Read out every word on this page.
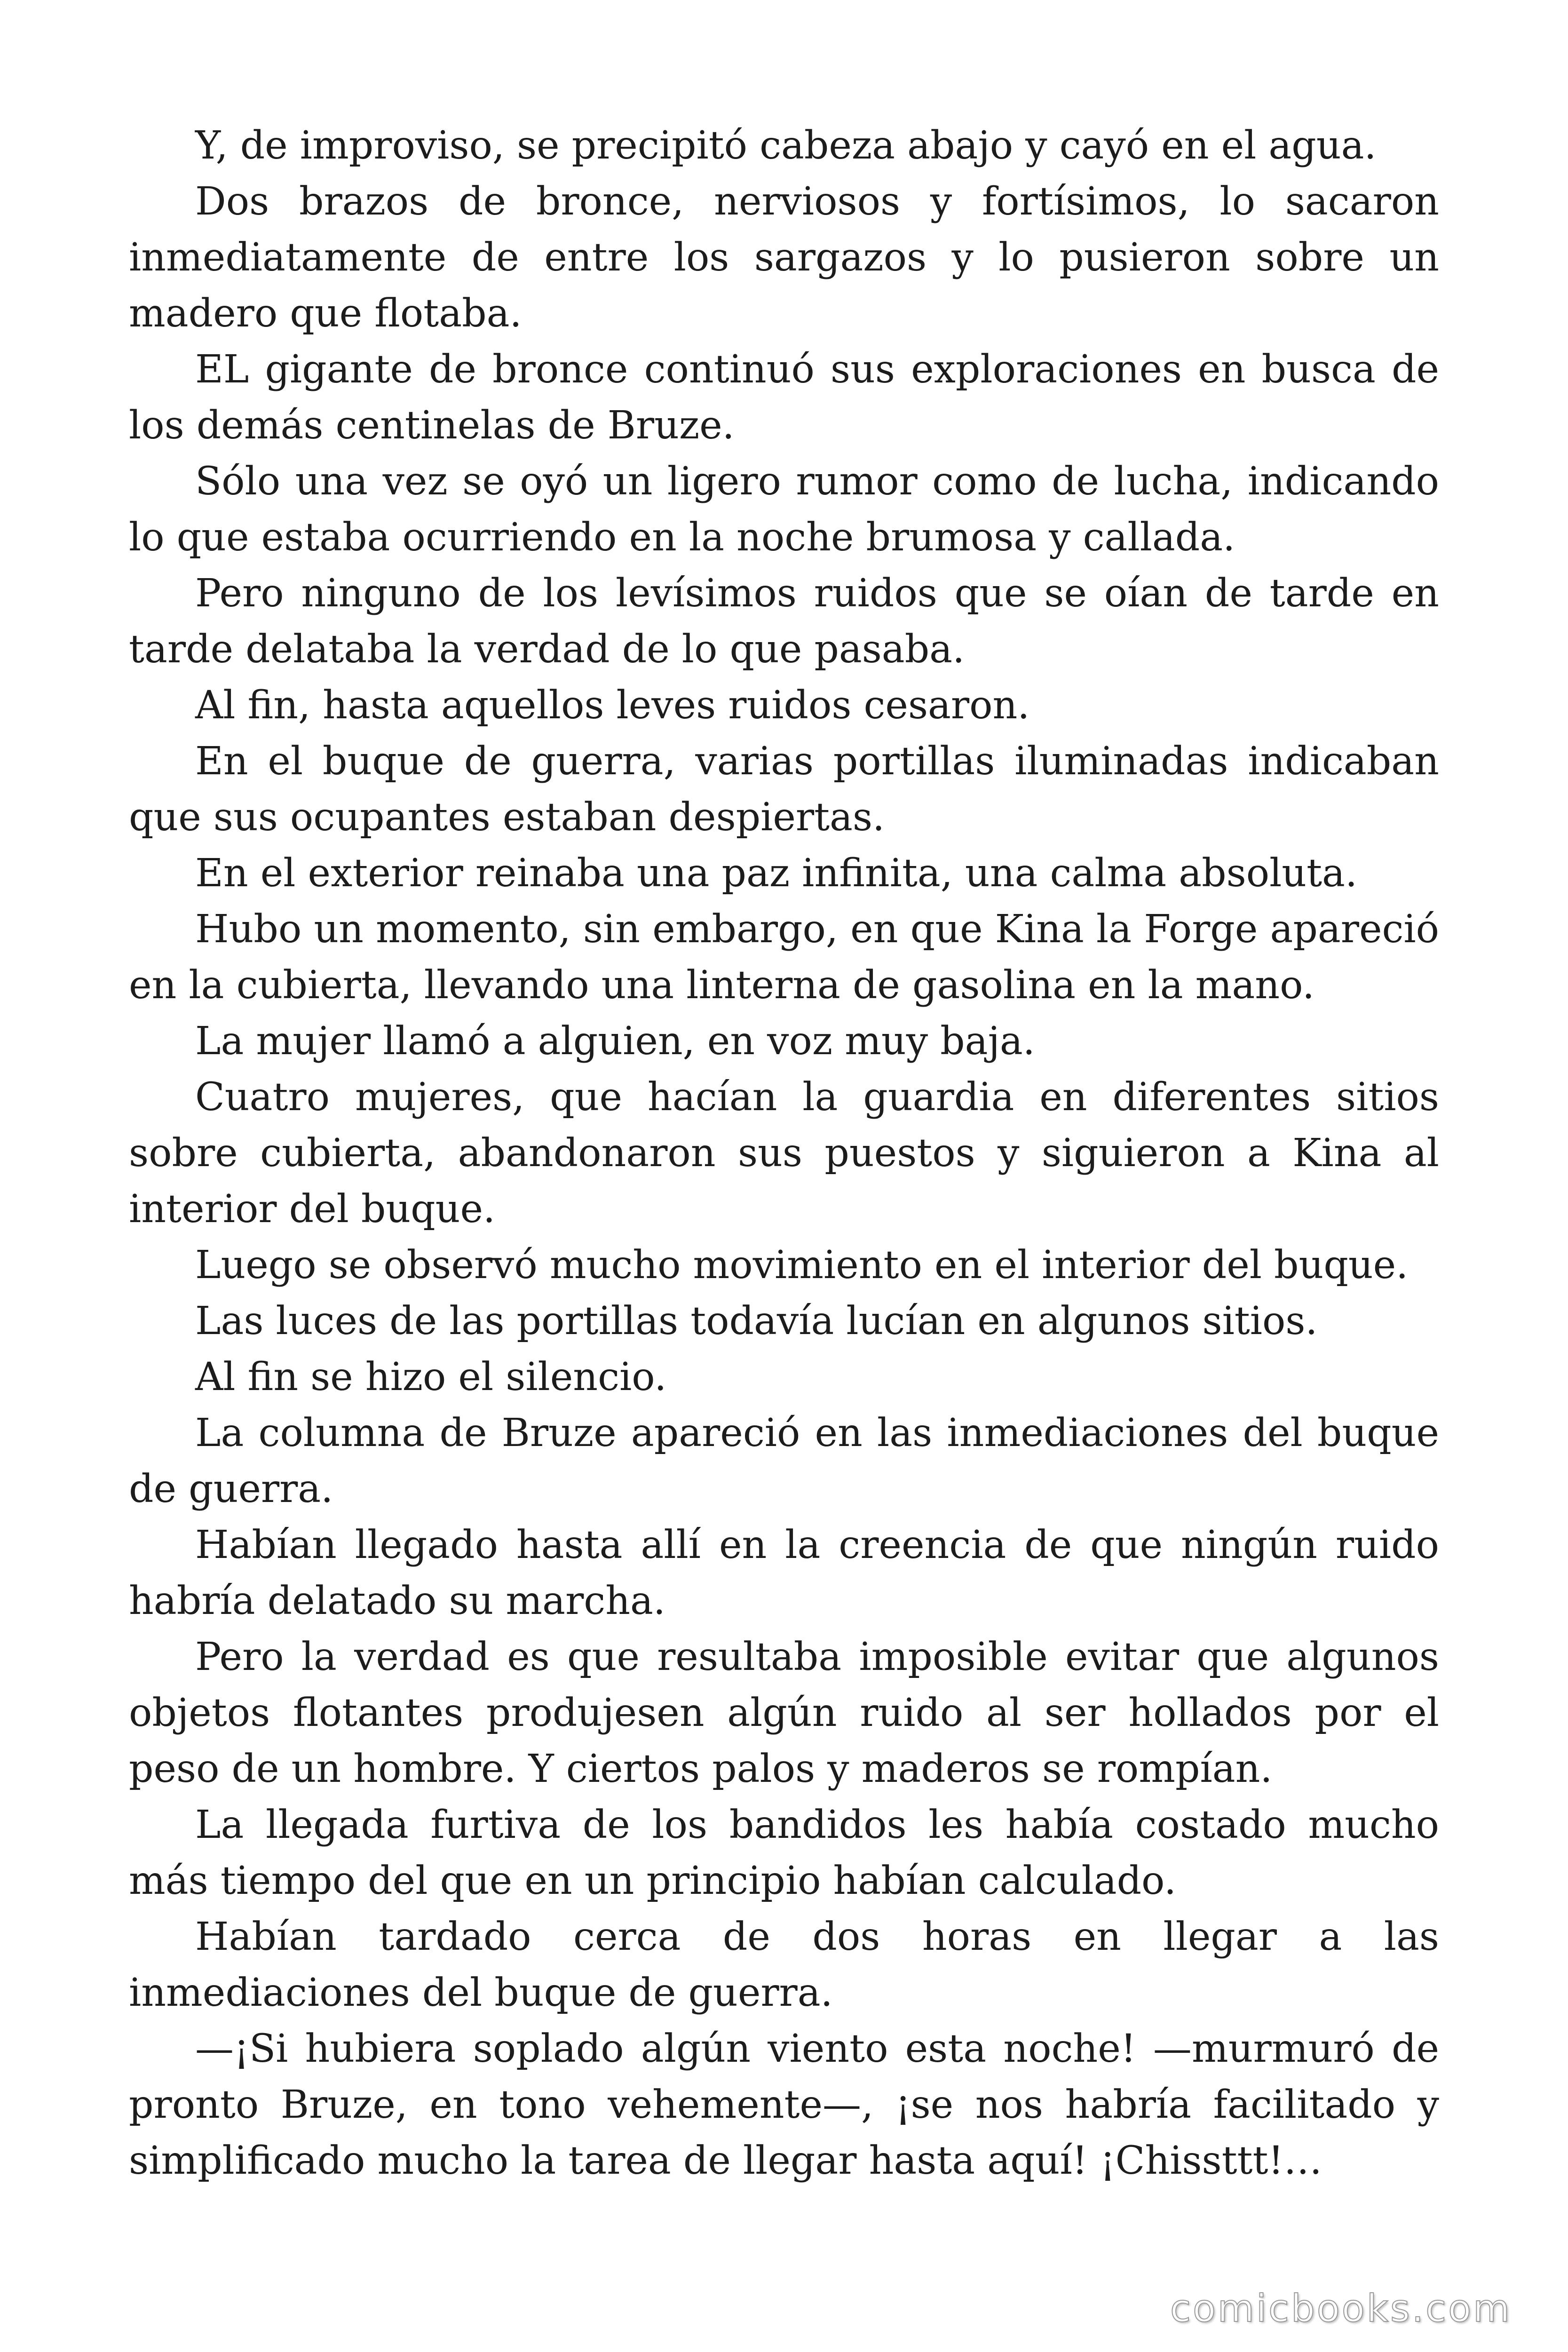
Y, de improviso, se precipitó cabeza abajo y cayó en el agua.

Dos brazos de bronce, nerviosos y fortísimos, lo sacaron inmediatamente de entre los sargazos y lo pusieron sobre un madero que flotaba.

EL gigante de bronce continuó sus exploraciones en busca de los demás centinelas de Bruze.

Sólo una vez se oyó un ligero rumor como de lucha, indicando lo que estaba ocurriendo en la noche brumosa y callada.

Pero ninguno de los levísimos ruidos que se oían de tarde en tarde delataba la verdad de lo que pasaba.

Al fin, hasta aquellos leves ruidos cesaron.

En el buque de guerra, varias portillas iluminadas indicaban que sus ocupantes estaban despiertas.

En el exterior reinaba una paz infinita, una calma absoluta.

Hubo un momento, sin embargo, en que Kina la Forge apareció en la cubierta, llevando una linterna de gasolina en la mano.

La mujer llamó a alguien, en voz muy baja.

Cuatro mujeres, que hacían la guardia en diferentes sitios sobre cubierta, abandonaron sus puestos y siguieron a Kina al interior del buque.

Luego se observó mucho movimiento en el interior del buque.

Las luces de las portillas todavía lucían en algunos sitios.

Al fin se hizo el silencio.

La columna de Bruze apareció en las inmediaciones del buque de guerra.

Habían llegado hasta allí en la creencia de que ningún ruido habría delatado su marcha.

Pero la verdad es que resultaba imposible evitar que algunos objetos flotantes produjesen algún ruido al ser hollados por el peso de un hombre. Y ciertos palos y maderos se rompían.

La llegada furtiva de los bandidos les había costado mucho más tiempo del que en un principio habían calculado.

Habían tardado cerca de dos horas en llegar a las inmediaciones del buque de guerra.

—¡Si hubiera soplado algún viento esta noche! —murmuró de pronto Bruze, en tono vehemente—, ¡se nos habría facilitado y simplificado mucho la tarea de llegar hasta aquí! ¡Chissttt!…

comicbooks.com
